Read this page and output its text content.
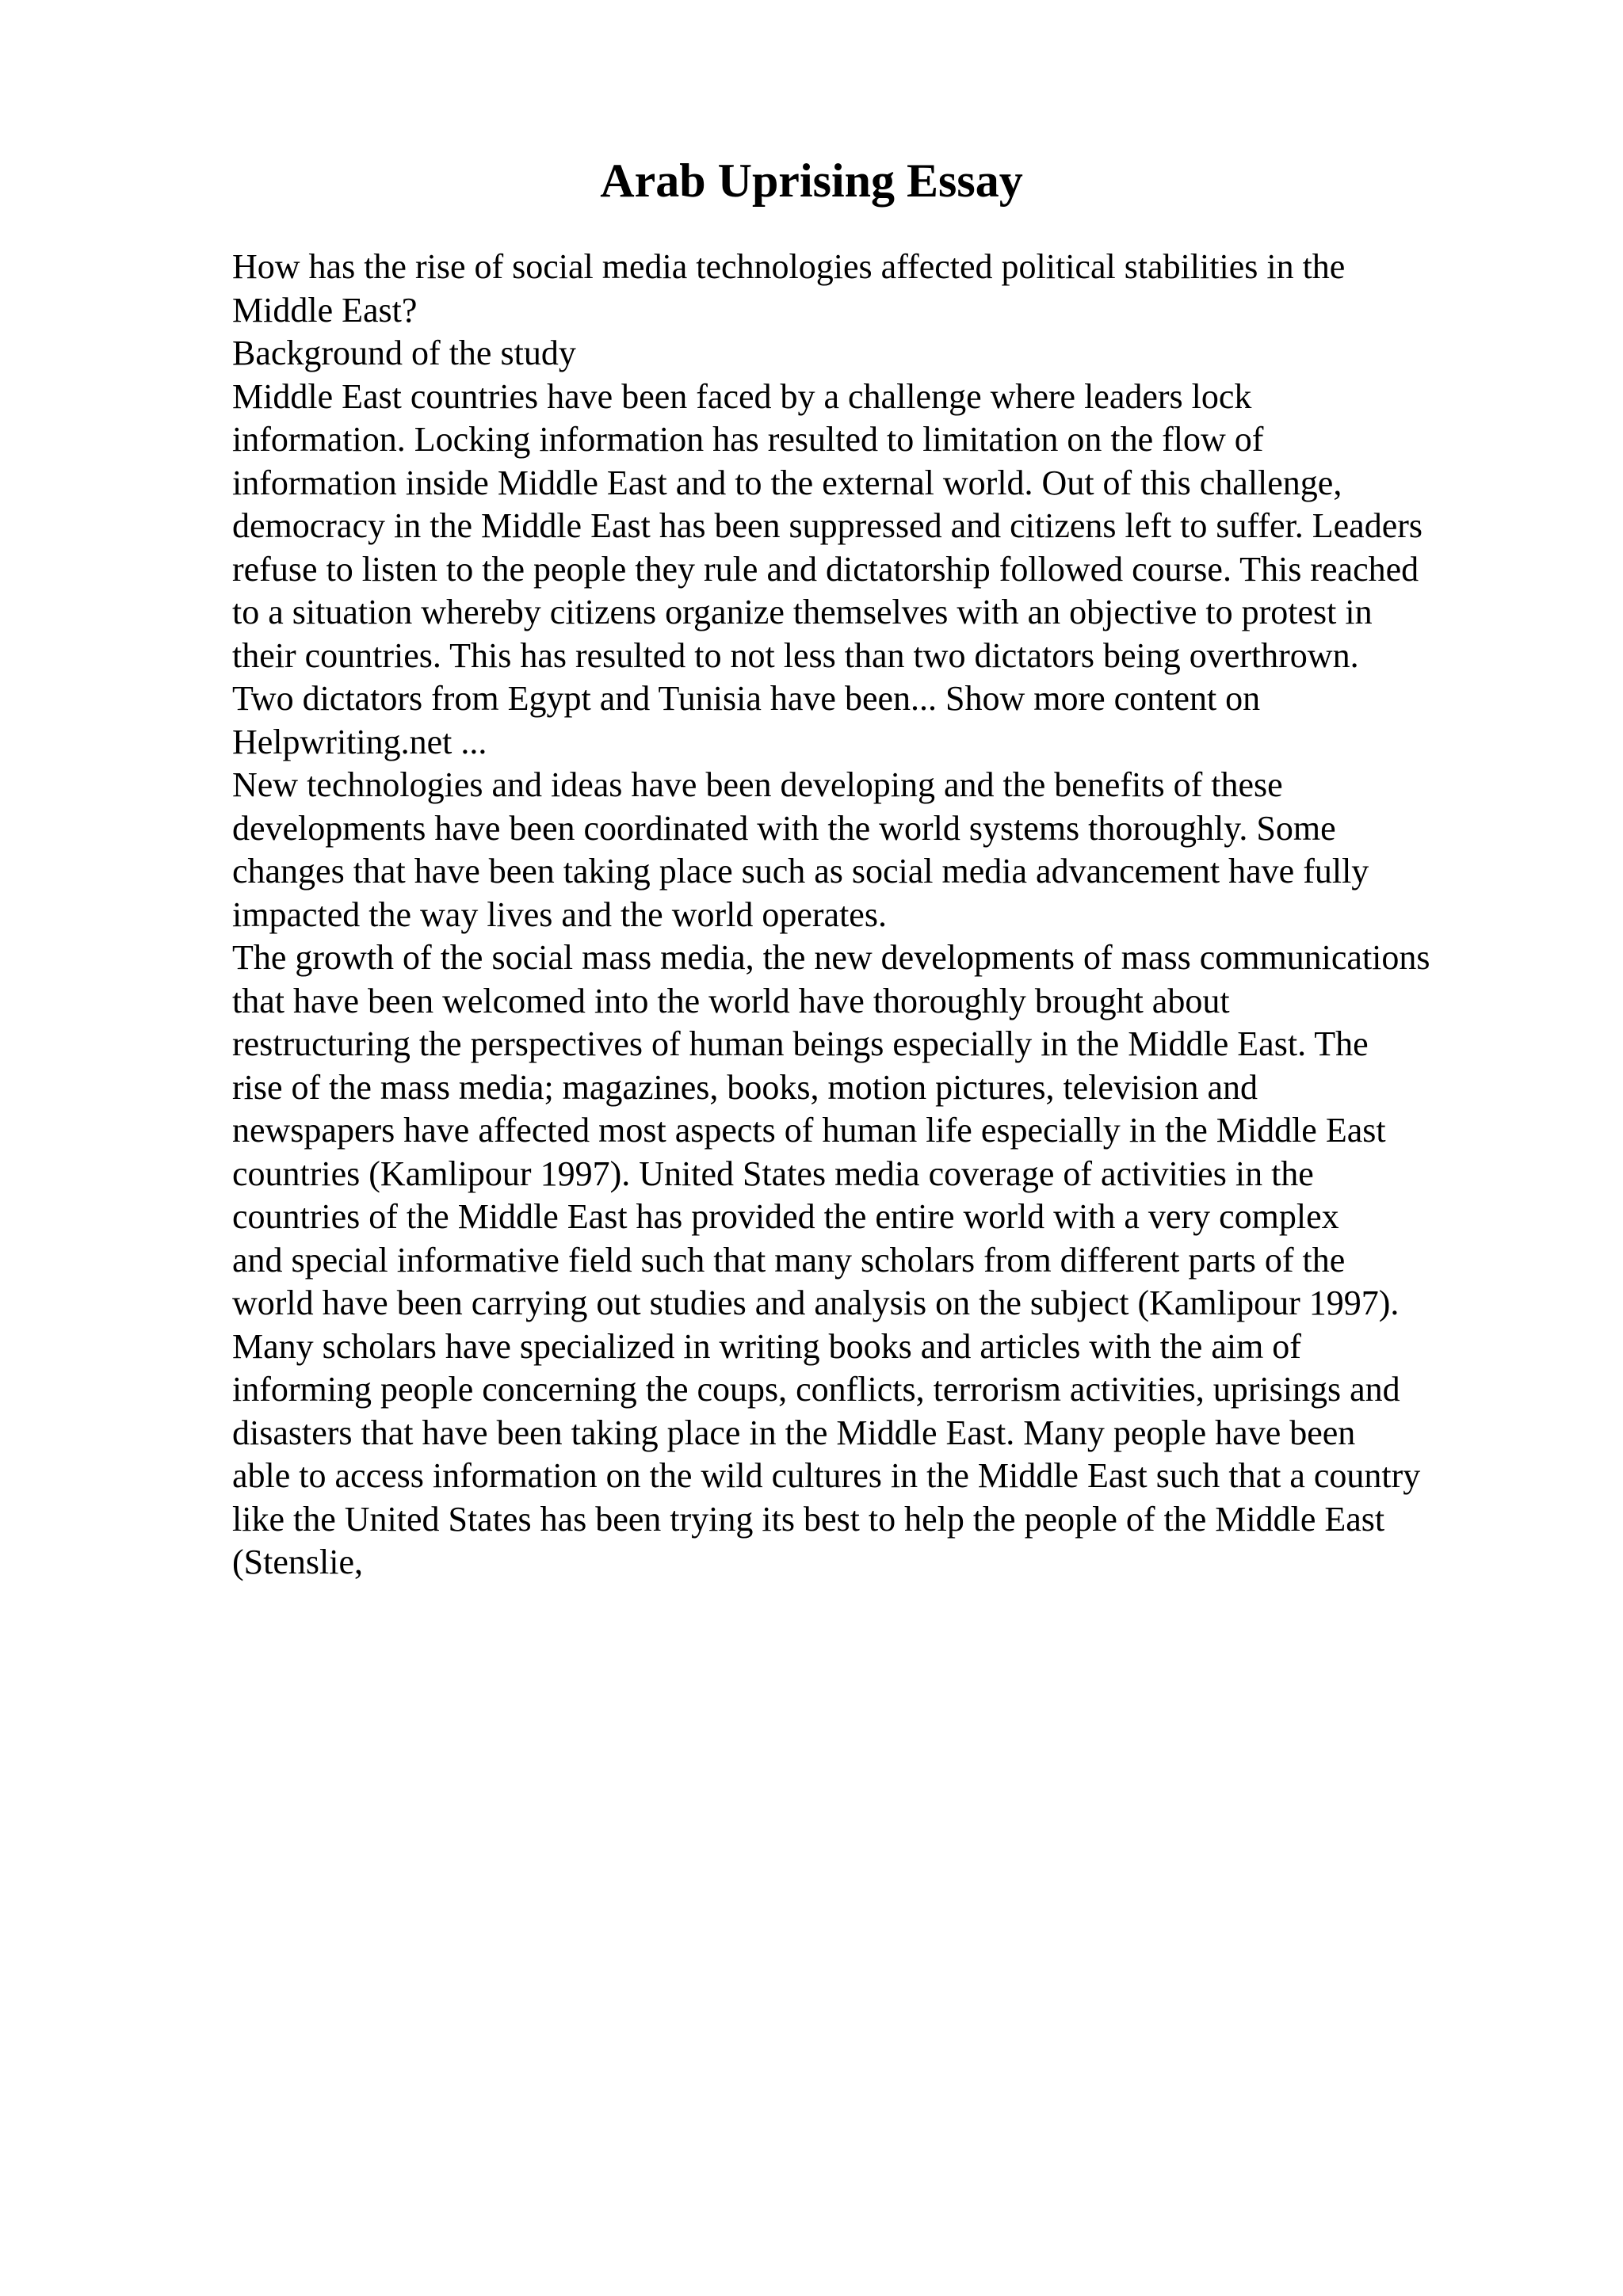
Arab Uprising Essay
How has the rise of social media technologies affected political stabilities in the
Middle East?
Background of the study
Middle East countries have been faced by a challenge where leaders lock
information. Locking information has resulted to limitation on the flow of
information inside Middle East and to the external world. Out of this challenge,
democracy in the Middle East has been suppressed and citizens left to suffer. Leaders
refuse to listen to the people they rule and dictatorship followed course. This reached
to a situation whereby citizens organize themselves with an objective to protest in
their countries. This has resulted to not less than two dictators being overthrown.
Two dictators from Egypt and Tunisia have been... Show more content on
Helpwriting.net ...
New technologies and ideas have been developing and the benefits of these
developments have been coordinated with the world systems thoroughly. Some
changes that have been taking place such as social media advancement have fully
impacted the way lives and the world operates.
The growth of the social mass media, the new developments of mass communications
that have been welcomed into the world have thoroughly brought about
restructuring the perspectives of human beings especially in the Middle East. The
rise of the mass media; magazines, books, motion pictures, television and
newspapers have affected most aspects of human life especially in the Middle East
countries (Kamlipour 1997). United States media coverage of activities in the
countries of the Middle East has provided the entire world with a very complex
and special informative field such that many scholars from different parts of the
world have been carrying out studies and analysis on the subject (Kamlipour 1997).
Many scholars have specialized in writing books and articles with the aim of
informing people concerning the coups, conflicts, terrorism activities, uprisings and
disasters that have been taking place in the Middle East. Many people have been
able to access information on the wild cultures in the Middle East such that a country
like the United States has been trying its best to help the people of the Middle East
(Stenslie,
